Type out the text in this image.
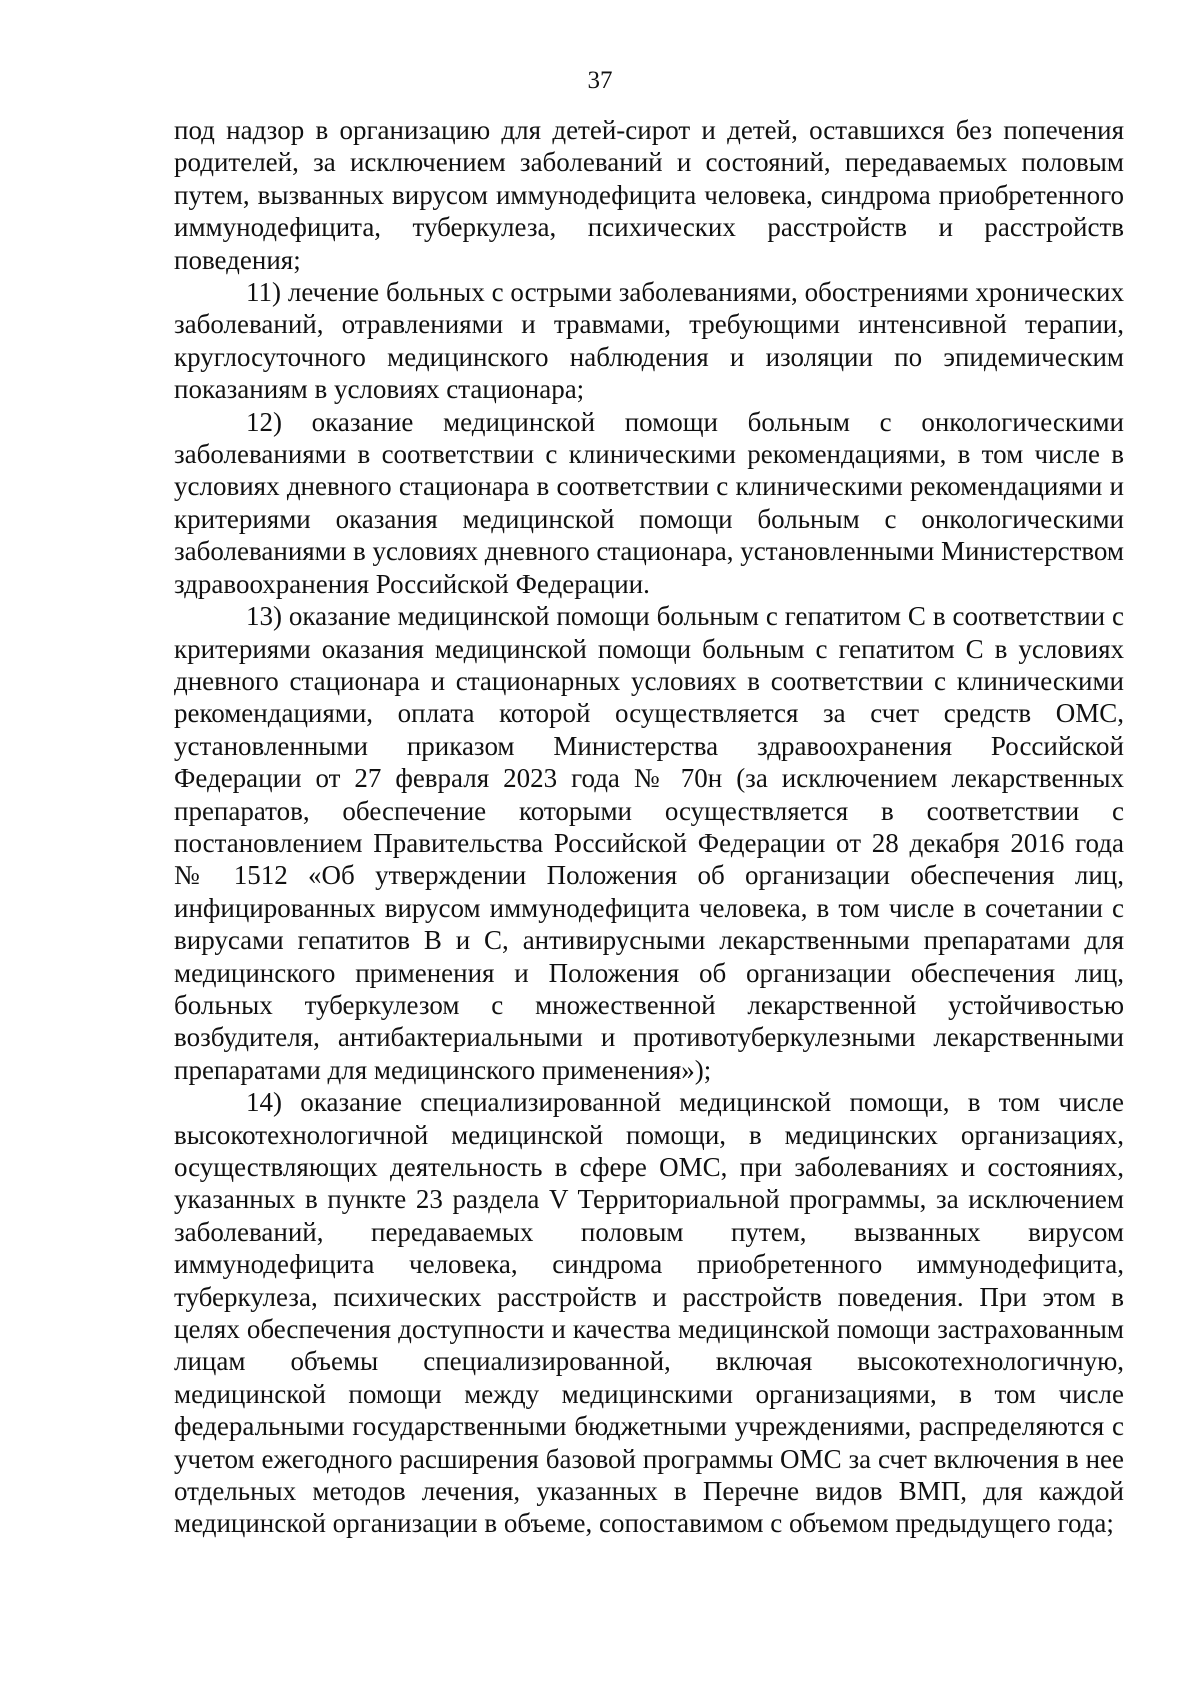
37

под надзор в организацию для детей-сирот и детей, оставшихся без попечения родителей, за исключением заболеваний и состояний, передаваемых половым путем, вызванных вирусом иммунодефицита человека, синдрома приобретенного иммунодефицита, туберкулеза, психических расстройств и расстройств поведения;

11) лечение больных с острыми заболеваниями, обострениями хронических заболеваний, отравлениями и травмами, требующими интенсивной терапии, круглосуточного медицинского наблюдения и изоляции по эпидемическим показаниям в условиях стационара;

12) оказание медицинской помощи больным с онкологическими заболеваниями в соответствии с клиническими рекомендациями, в том числе в условиях дневного стационара в соответствии с клиническими рекомендациями и критериями оказания медицинской помощи больным с онкологическими заболеваниями в условиях дневного стационара, установленными Министерством здравоохранения Российской Федерации.

13) оказание медицинской помощи больным с гепатитом С в соответствии с критериями оказания медицинской помощи больным с гепатитом С в условиях дневного стационара и стационарных условиях в соответствии с клиническими рекомендациями, оплата которой осуществляется за счет средств ОМС, установленными приказом Министерства здравоохранения Российской Федерации от 27 февраля 2023 года № 70н (за исключением лекарственных препаратов, обеспечение которыми осуществляется в соответствии с постановлением Правительства Российской Федерации от 28 декабря 2016 года № 1512 «Об утверждении Положения об организации обеспечения лиц, инфицированных вирусом иммунодефицита человека, в том числе в сочетании с вирусами гепатитов В и С, антивирусными лекарственными препаратами для медицинского применения и Положения об организации обеспечения лиц, больных туберкулезом с множественной лекарственной устойчивостью возбудителя, антибактериальными и противотуберкулезными лекарственными препаратами для медицинского применения»);

14) оказание специализированной медицинской помощи, в том числе высокотехнологичной медицинской помощи, в медицинских организациях, осуществляющих деятельность в сфере ОМС, при заболеваниях и состояниях, указанных в пункте 23 раздела V Территориальной программы, за исключением заболеваний, передаваемых половым путем, вызванных вирусом иммунодефицита человека, синдрома приобретенного иммунодефицита, туберкулеза, психических расстройств и расстройств поведения. При этом в целях обеспечения доступности и качества медицинской помощи застрахованным лицам объемы специализированной, включая высокотехнологичную, медицинской помощи между медицинскими организациями, в том числе федеральными государственными бюджетными учреждениями, распределяются с учетом ежегодного расширения базовой программы ОМС за счет включения в нее отдельных методов лечения, указанных в Перечне видов ВМП, для каждой медицинской организации в объеме, сопоставимом с объемом предыдущего года;
